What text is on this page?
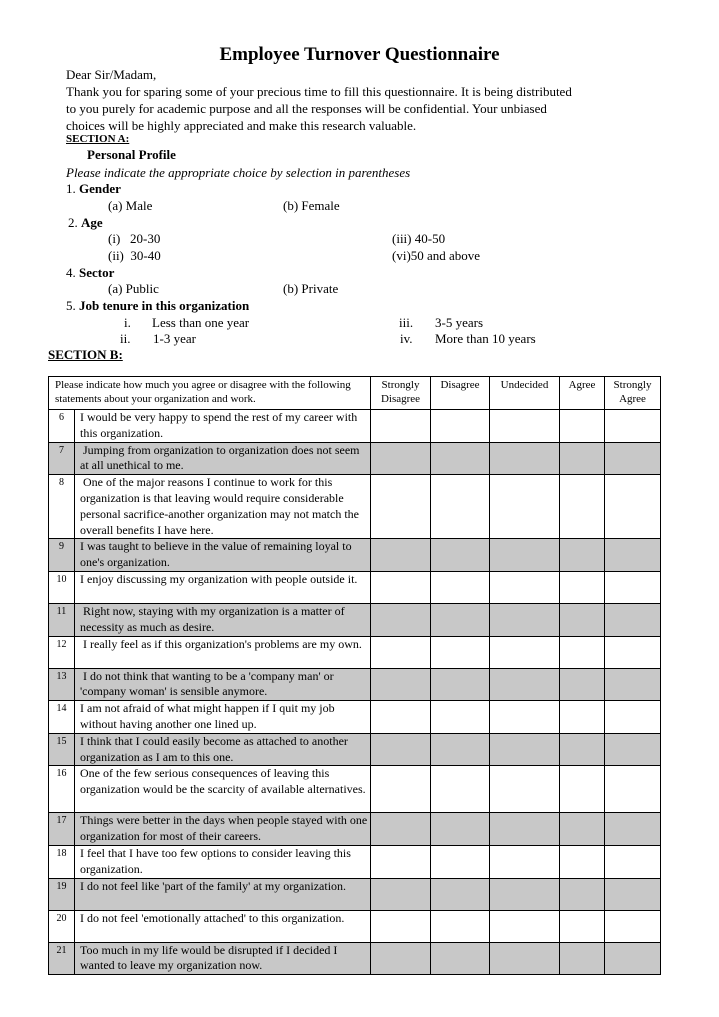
Employee Turnover Questionnaire
Dear Sir/Madam,
Thank you for sparing some of your precious time to fill this questionnaire. It is being distributed
to you purely for academic purpose and all the responses will be confidential. Your unbiased
choices will be highly appreciated and make this research valuable.
SECTION A:
Personal Profile
Please indicate the appropriate choice by selection in parentheses
1. Gender
(a) Male	(b) Female
2. Age
(i)   20-30	(iii) 40-50
(ii)  30-40	(vi)50 and above
4. Sector
(a) Public	(b) Private
5. Job tenure in this organization
i. Less than one year	iii. 3-5 years
ii. 1-3 year	iv. More than 10 years
SECTION B:
Please indicate how much you agree or disagree with the following statements about your organization and work.		Strongly Disagree	Disagree	Undecided	Agree	Strongly Agree
6	I would be very happy to spend the rest of my career with this organization.					
7	Jumping from organization to organization does not seem at all unethical to me.					
8	One of the major reasons I continue to work for this organization is that leaving would require considerable personal sacrifice-another organization may not match the overall benefits I have here.					
9	I was taught to believe in the value of remaining loyal to one's organization.					
10	I enjoy discussing my organization with people outside it.					
11	Right now, staying with my organization is a matter of necessity as much as desire.					
12	I really feel as if this organization's problems are my own.					
13	I do not think that wanting to be a 'company man' or 'company woman' is sensible anymore.					
14	I am not afraid of what might happen if I quit my job without having another one lined up.					
15	I think that I could easily become as attached to another organization as I am to this one.					
16	One of the few serious consequences of leaving this organization would be the scarcity of available alternatives.					
17	Things were better in the days when people stayed with one organization for most of their careers.					
18	I feel that I have too few options to consider leaving this organization.					
19	I do not feel like 'part of the family' at my organization.					
20	I do not feel 'emotionally attached' to this organization.					
21	Too much in my life would be disrupted if I decided I wanted to leave my organization now.					
